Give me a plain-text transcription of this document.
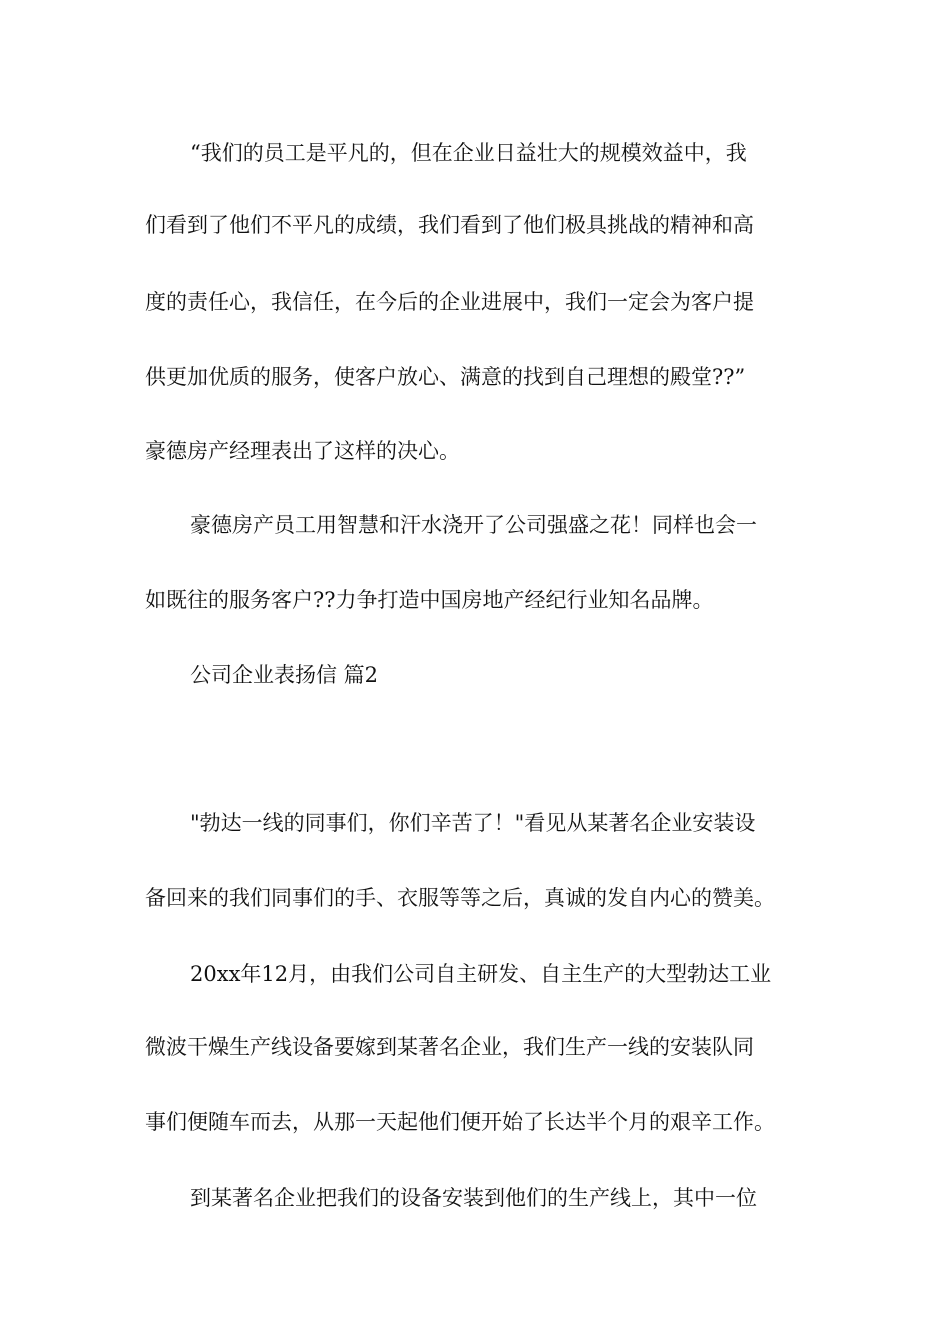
“我们的员工是平凡的，但在企业日益壮大的规模效益中，我
们看到了他们不平凡的成绩，我们看到了他们极具挑战的精神和高
度的责任心，我信任，在今后的企业进展中，我们一定会为客户提
供更加优质的服务，使客户放心、满意的找到自己理想的殿堂??”
豪德房产经理表出了这样的决心。
豪德房产员工用智慧和汗水浇开了公司强盛之花！同样也会一
如既往的服务客户??力争打造中国房地产经纪行业知名品牌。
公司企业表扬信 篇2
"勃达一线的同事们，你们辛苦了！"看见从某著名企业安装设
备回来的我们同事们的手、衣服等等之后，真诚的发自内心的赞美。
20xx年12月，由我们公司自主研发、自主生产的大型勃达工业
微波干燥生产线设备要嫁到某著名企业，我们生产一线的安装队同
事们便随车而去，从那一天起他们便开始了长达半个月的艰辛工作。
到某著名企业把我们的设备安装到他们的生产线上，其中一位
